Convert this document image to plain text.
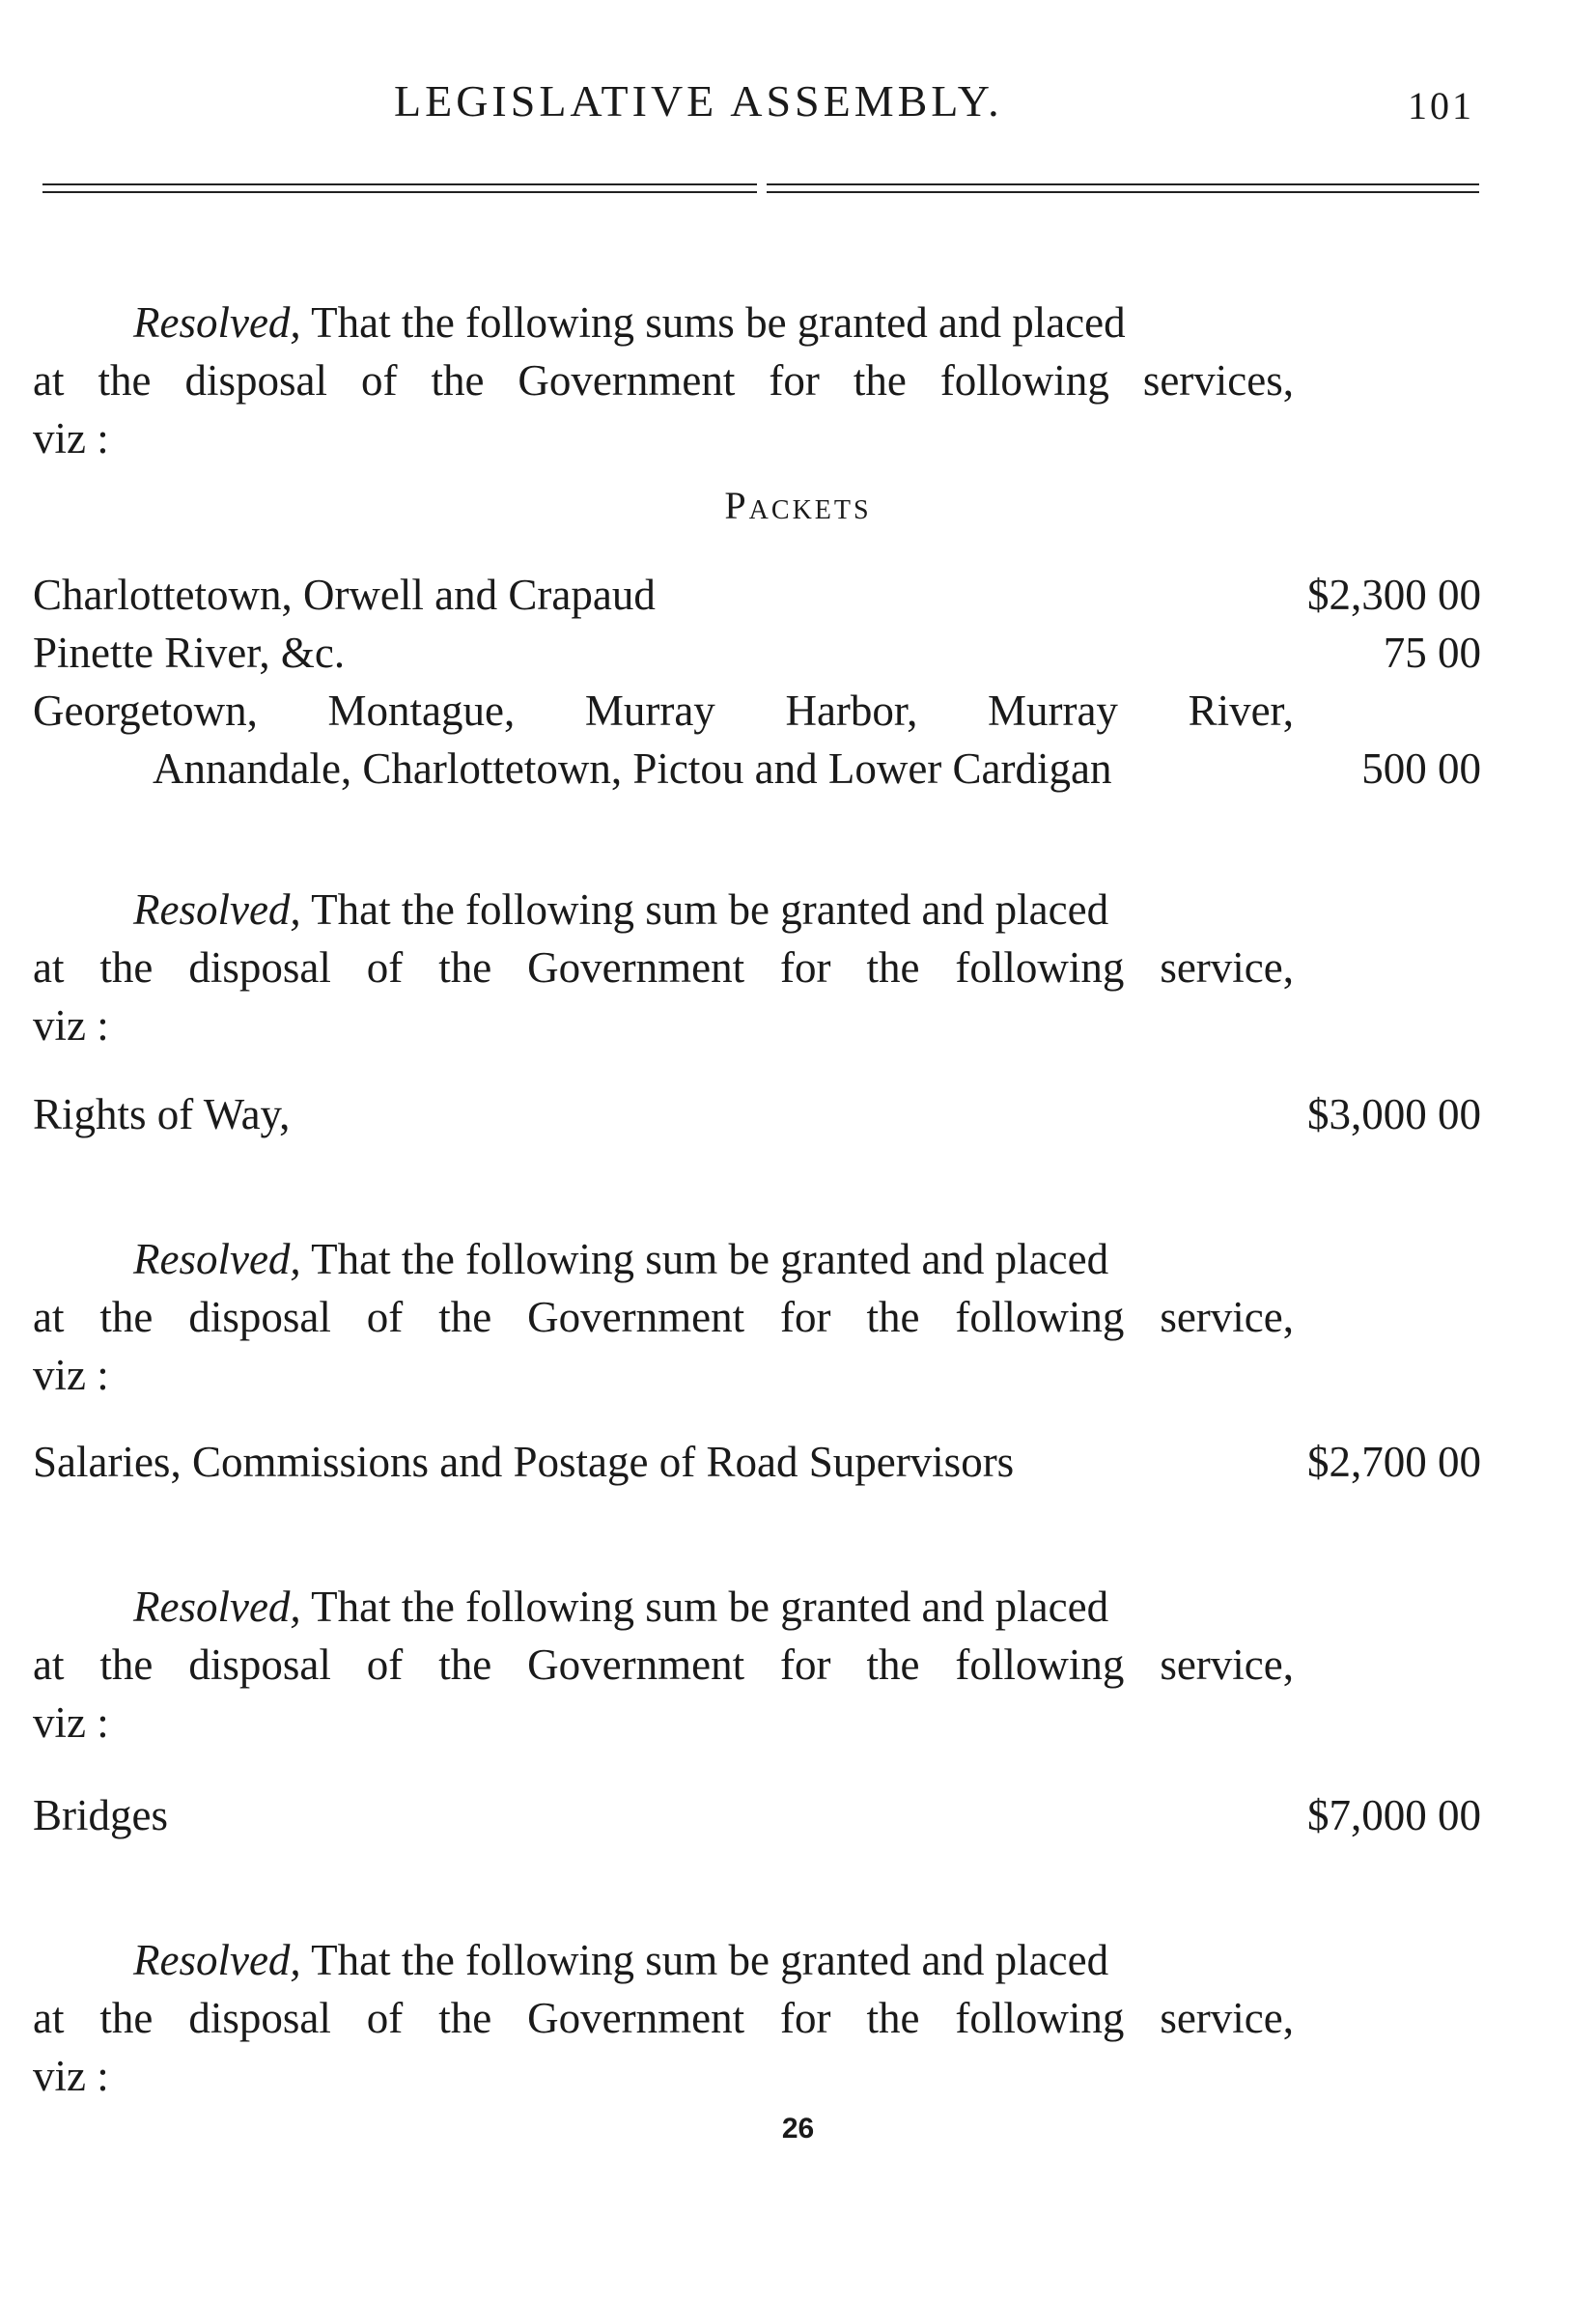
LEGISLATIVE ASSEMBLY.	101
Resolved, That the following sums be granted and placed
at the disposal of the Government for the following services,
viz :
Packets
Charlottetown, Orwell and Crapaud	$2,300 00
Pinette River, &c.	75 00
Georgetown, Montague, Murray Harbor, Murray River,
Annandale, Charlottetown, Pictou and Lower Cardigan	500 00
Resolved, That the following sum be granted and placed
at the disposal of the Government for the following service,
viz :
Rights of Way,	$3,000 00
Resolved, That the following sum be granted and placed
at the disposal of the Government for the following service,
viz :
Salaries, Commissions and Postage of Road Supervisors	$2,700 00
Resolved, That the following sum be granted and placed
at the disposal of the Government for the following service,
viz :
Bridges	$7,000 00
Resolved, That the following sum be granted and placed
at the disposal of the Government for the following service,
viz :
26
